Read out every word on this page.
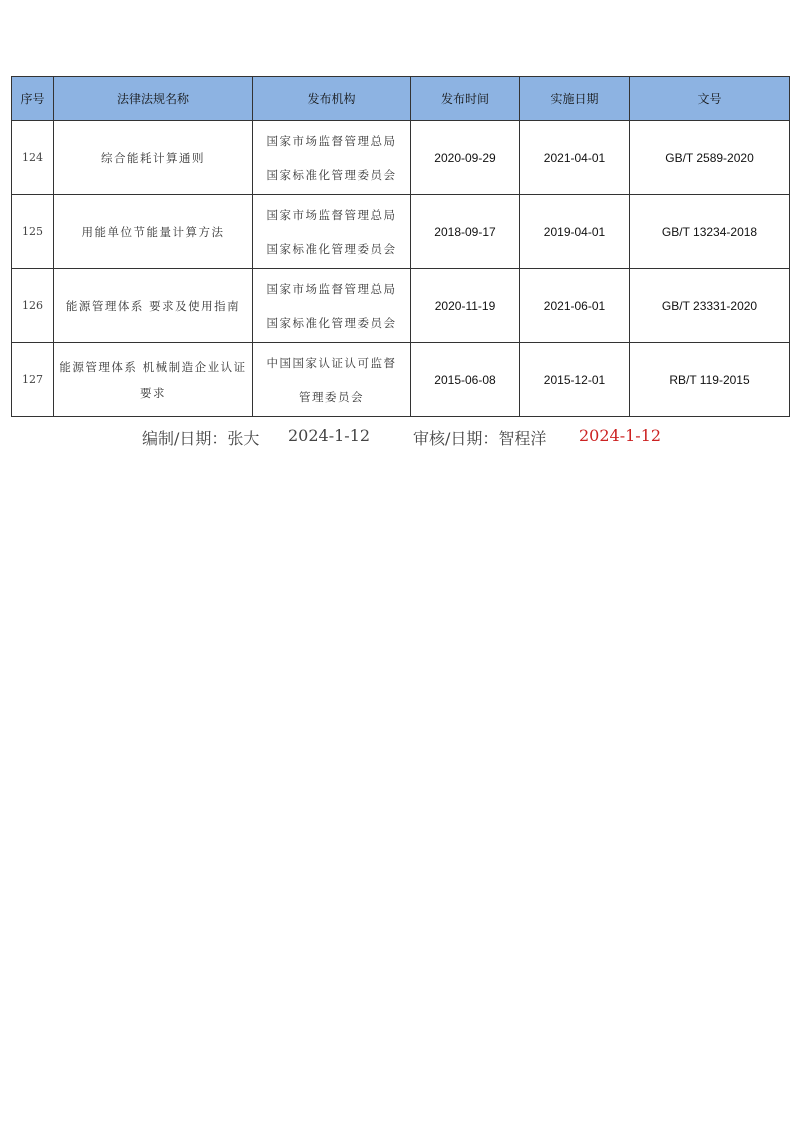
序号	法律法规名称	发布机构	发布时间	实施日期	文号
124	综合能耗计算通则	国家市场监督管理总局
国家标准化管理委员会	2020-09-29	2021-04-01	GB/T 2589-2020
125	用能单位节能量计算方法	国家市场监督管理总局
国家标准化管理委员会	2018-09-17	2019-04-01	GB/T 13234-2018
126	能源管理体系 要求及使用指南	国家市场监督管理总局
国家标准化管理委员会	2020-11-19	2021-06-01	GB/T 23331-2020
127	能源管理体系 机械制造企业认证要求	中国国家认证认可监督
管理委员会	2015-06-08	2015-12-01	RB/T 119-2015
编制/日期：张大 2024-1-12	审核/日期：智程洋 2024-1-12
